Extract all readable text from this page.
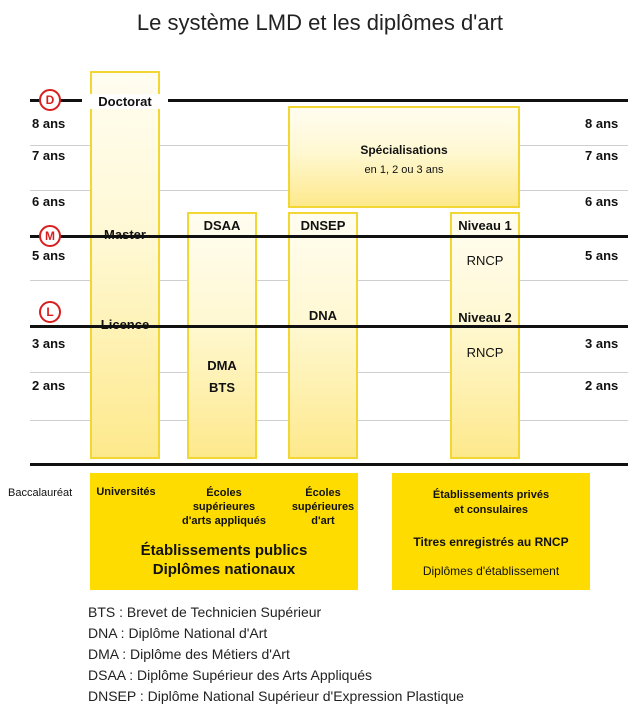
Le système LMD et les diplômes d'art
D
M
L
8 ans
7 ans
6 ans
5 ans
3 ans
2 ans
8 ans
7 ans
6 ans
5 ans
3 ans
2 ans
Doctorat
Master
Licence
Spécialisations
en 1, 2 ou 3 ans
DSAA
DMA
BTS
DNSEP
DNA
Niveau 1
RNCP
Niveau 2
RNCP
Baccalauréat	Universités	Écoles
supérieures
d'arts appliqués
Écoles
supérieures
d'art
Établissements publics
Diplômes nationaux
Établissements privés
et consulaires
Titres enregistrés au RNCP
Diplômes d'établissement
BTS : Brevet de Technicien Supérieur
DNA : Diplôme National d'Art
DMA : Diplôme des Métiers d'Art
DSAA : Diplôme Supérieur des Arts Appliqués
DNSEP : Diplôme National Supérieur d'Expression Plastique
